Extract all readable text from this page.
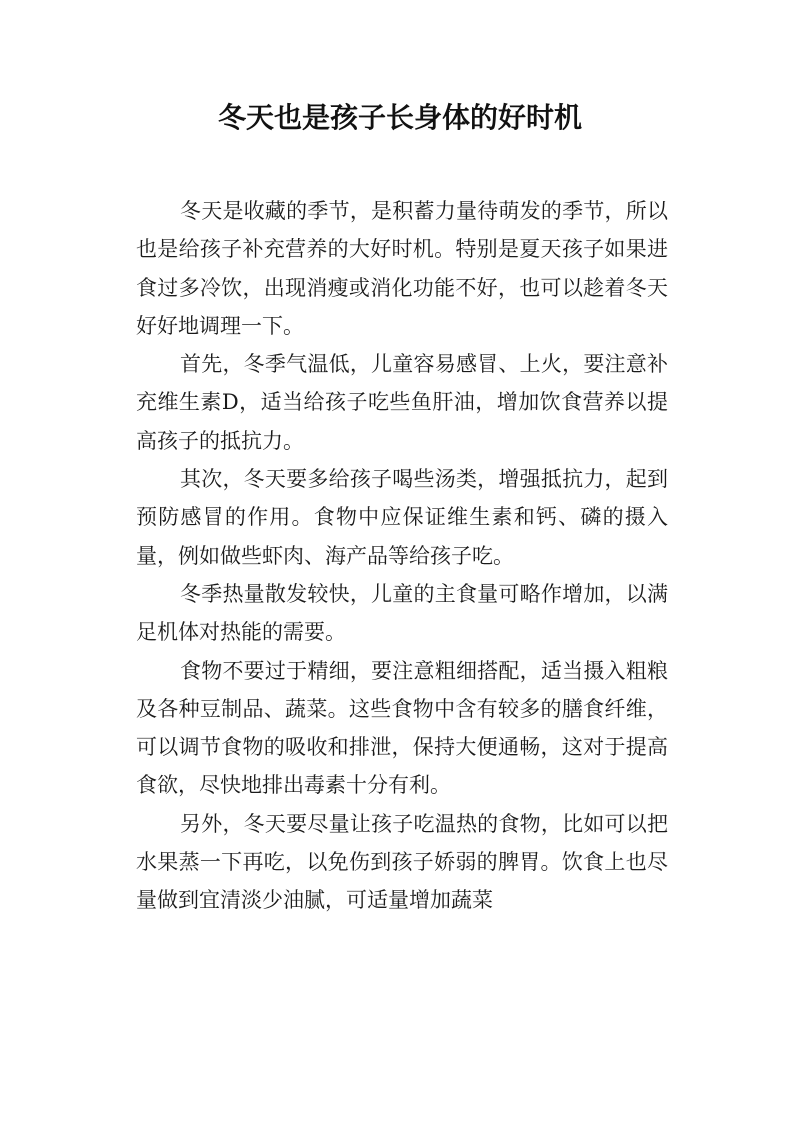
冬天也是孩子长身体的好时机

冬天是收藏的季节，是积蓄力量待萌发的季节，所以也是给孩子补充营养的大好时机。特别是夏天孩子如果进食过多冷饮，出现消瘦或消化功能不好，也可以趁着冬天好好地调理一下。

首先，冬季气温低，儿童容易感冒、上火，要注意补充维生素D，适当给孩子吃些鱼肝油，增加饮食营养以提高孩子的抵抗力。

其次，冬天要多给孩子喝些汤类，增强抵抗力，起到预防感冒的作用。食物中应保证维生素和钙、磷的摄入量，例如做些虾肉、海产品等给孩子吃。

冬季热量散发较快，儿童的主食量可略作增加，以满足机体对热能的需要。

食物不要过于精细，要注意粗细搭配，适当摄入粗粮及各种豆制品、蔬菜。这些食物中含有较多的膳食纤维，可以调节食物的吸收和排泄，保持大便通畅，这对于提高食欲，尽快地排出毒素十分有利。

另外，冬天要尽量让孩子吃温热的食物，比如可以把水果蒸一下再吃，以免伤到孩子娇弱的脾胃。饮食上也尽量做到宜清淡少油腻，可适量增加蔬菜
